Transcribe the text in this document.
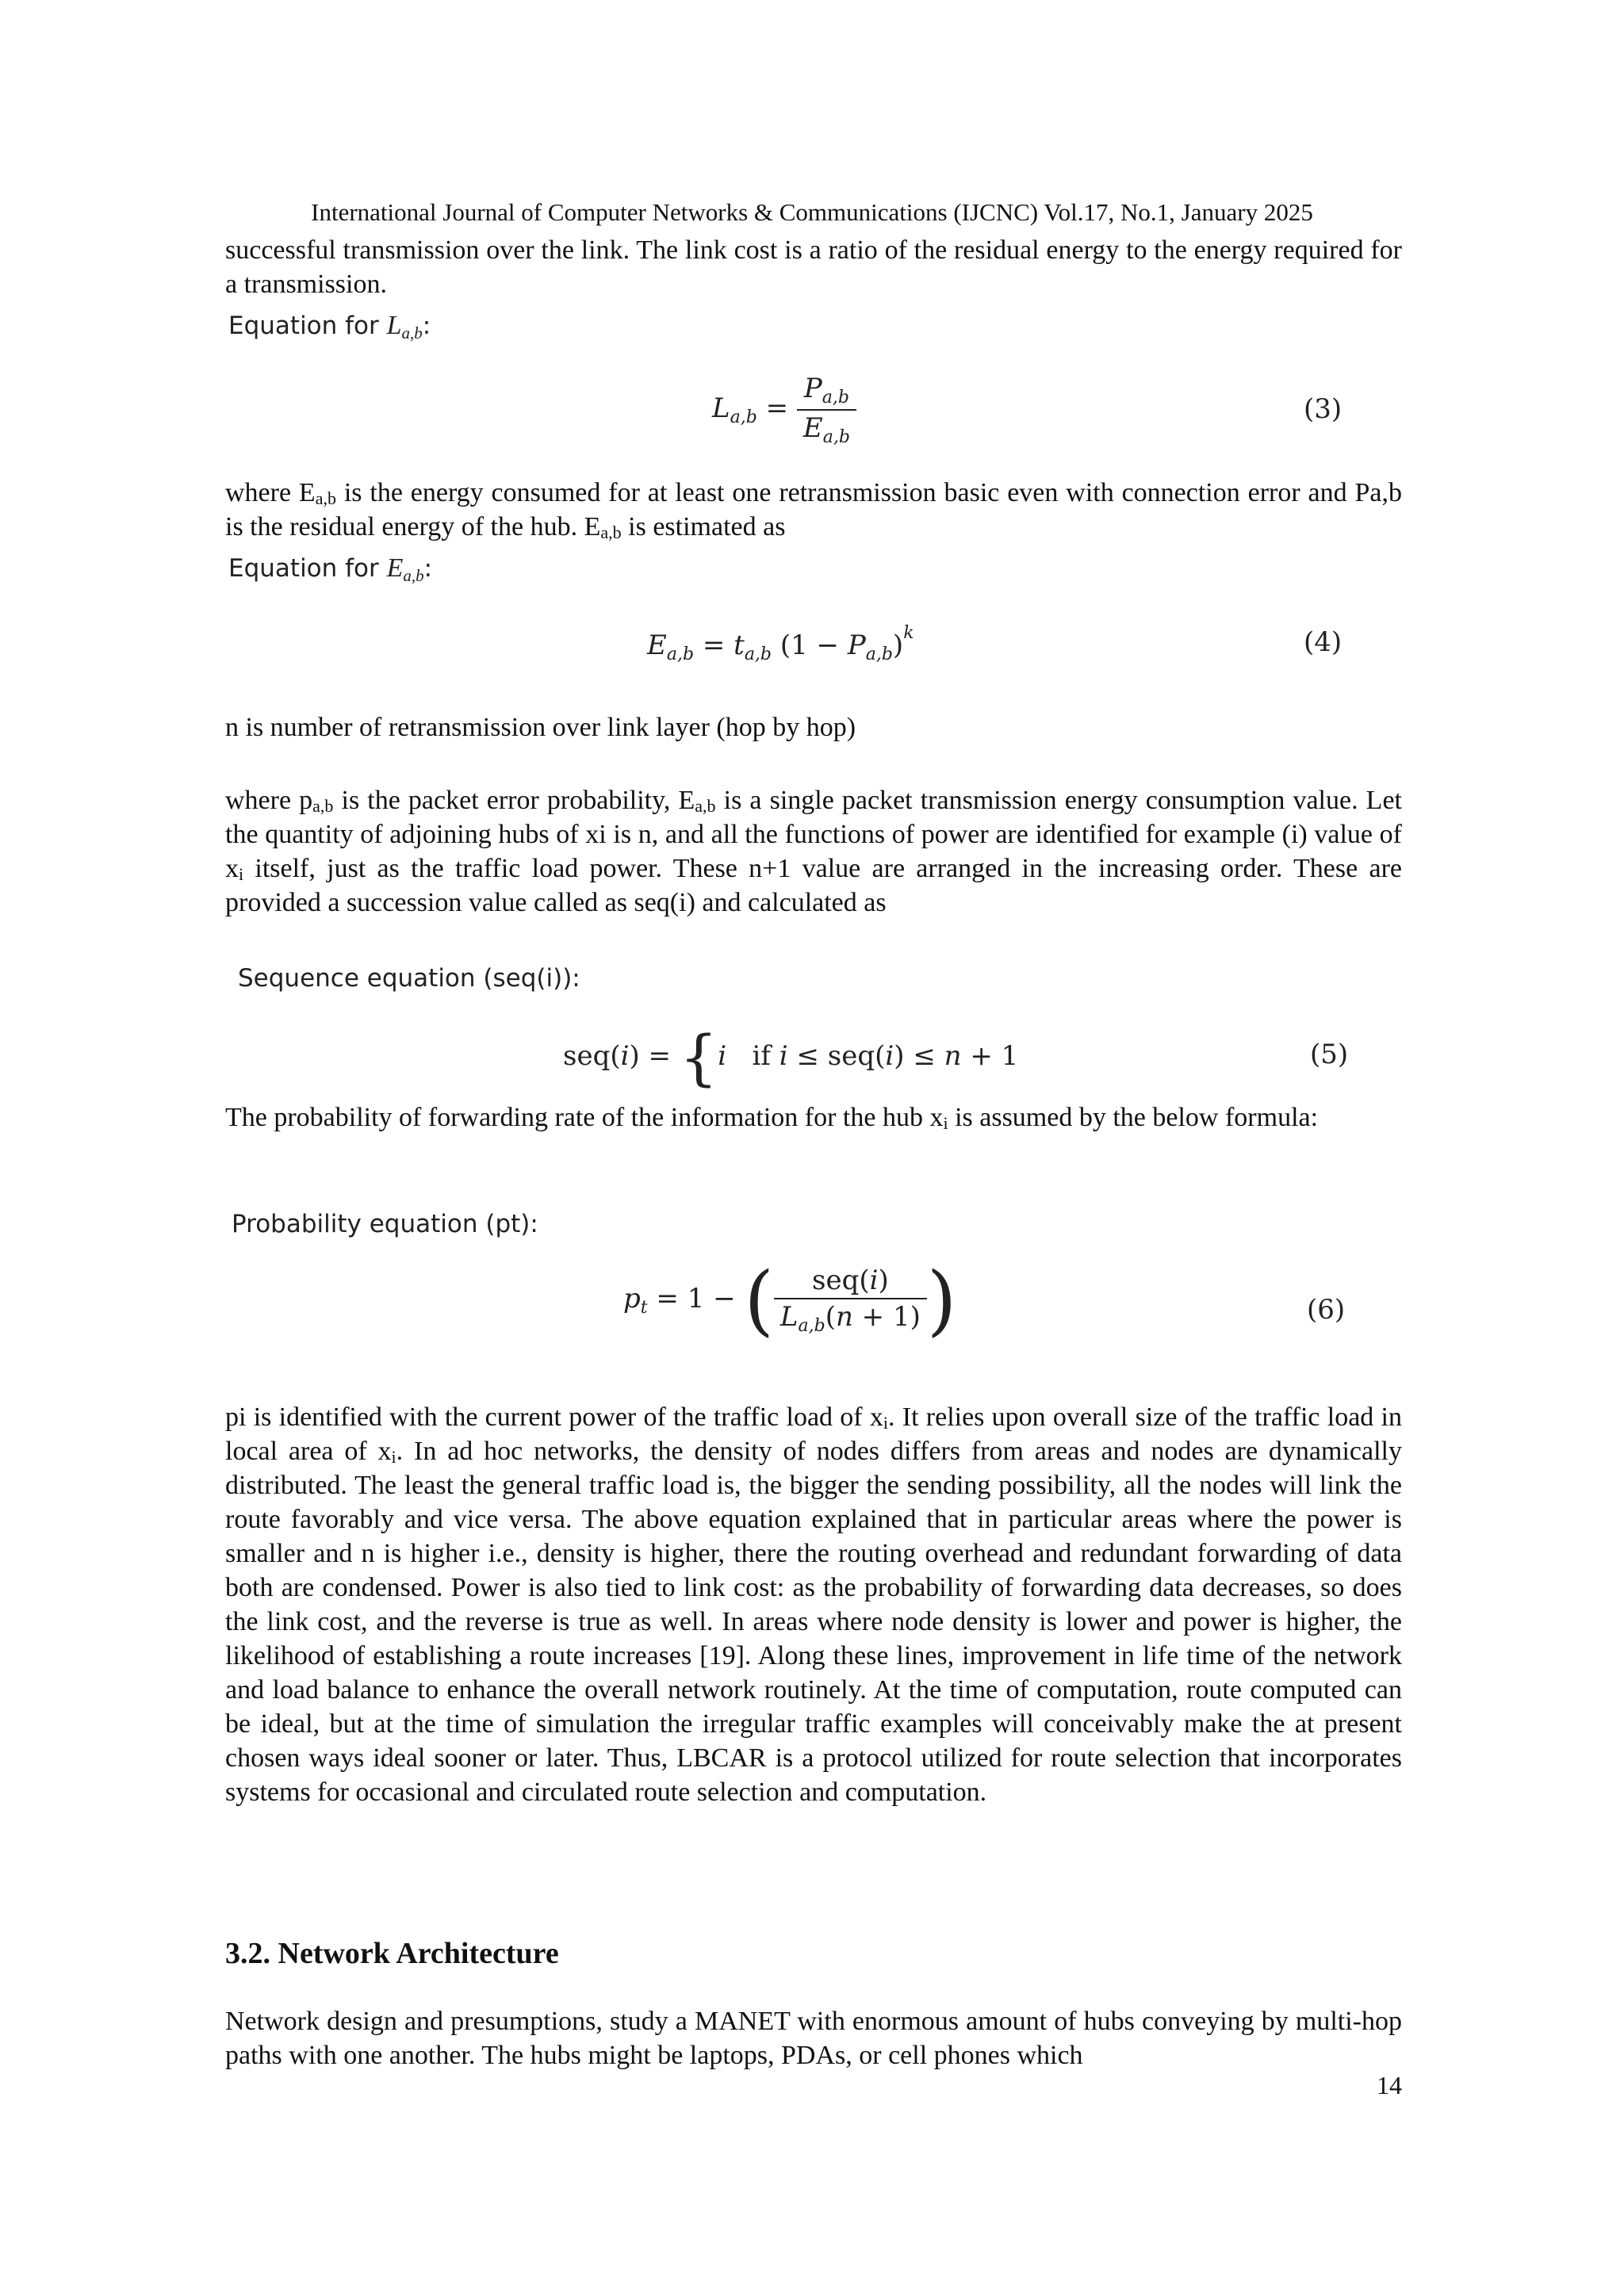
International Journal of Computer Networks & Communications (IJCNC) Vol.17, No.1, January 2025

successful transmission over the link. The link cost is a ratio of the residual energy to the energy required for a transmission.

Equation for La,b:
$L_{a,b} = \frac{P_{a,b}}{E_{a,b}}$	(3)

where Ea,b is the energy consumed for at least one retransmission basic even with connection error and Pa,b is the residual energy of the hub. Ea,b is estimated as

Equation for Ea,b:
$E_{a,b} = t_{a,b}$ $(1 - P_{a,b})^k$	(4)

n is number of retransmission over link layer (hop by hop)

where pa,b is the packet error probability, Ea,b is a single packet transmission energy consumption value. Let the quantity of adjoining hubs of xi is n, and all the functions of power are identified for example (i) value of xi itself, just as the traffic load power. These n+1 value are arranged in the increasing order. These are provided a succession value called as seq(i) and calculated as

Sequence equation (seq(i)):
seq(i) = {i   if i ≤ seq(i) ≤ n + 1	(5)

The probability of forwarding rate of the information for the hub xi is assumed by the below formula:

Probability equation (pt):
$p_t = 1$ − ( $\frac{\text{seq(i)}}{L_{a,b}(n + 1)}$ )	(6)

pi is identified with the current power of the traffic load of xi. It relies upon overall size of the traffic load in local area of xi. In ad hoc networks, the density of nodes differs from areas and nodes are dynamically distributed. The least the general traffic load is, the bigger the sending possibility, all the nodes will link the route favorably and vice versa. The above equation explained that in particular areas where the power is smaller and n is higher i.e., density is higher, there the routing overhead and redundant forwarding of data both are condensed. Power is also tied to link cost: as the probability of forwarding data decreases, so does the link cost, and the reverse is true as well. In areas where node density is lower and power is higher, the likelihood of establishing a route increases [19]. Along these lines, improvement in life time of the network and load balance to enhance the overall network routinely. At the time of computation, route computed can be ideal, but at the time of simulation the irregular traffic examples will conceivably make the at present chosen ways ideal sooner or later. Thus, LBCAR is a protocol utilized for route selection that incorporates systems for occasional and circulated route selection and computation.

3.2. Network Architecture

Network design and presumptions, study a MANET with enormous amount of hubs conveying by multi-hop paths with one another. The hubs might be laptops, PDAs, or cell phones which

14
